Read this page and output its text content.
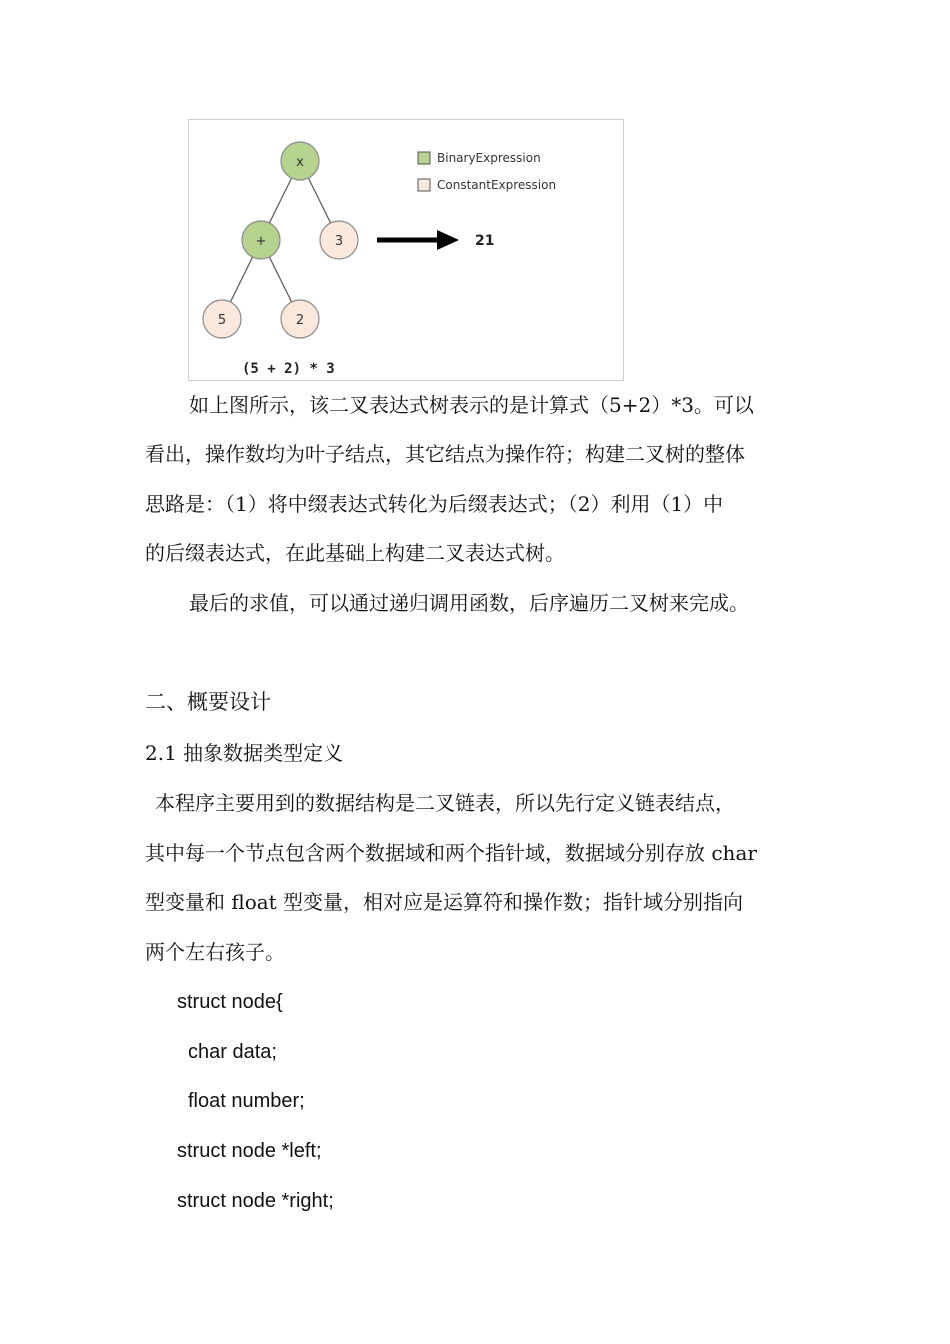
x
+	3
5	2
21
BinaryExpression
ConstantExpression
(5 + 2) * 3
如上图所示，该二叉表达式树表示的是计算式（5+2）*3。可以
看出，操作数均为叶子结点，其它结点为操作符；构建二叉树的整体
思路是：（1）将中缀表达式转化为后缀表达式；（2）利用（1）中
的后缀表达式，在此基础上构建二叉表达式树。
最后的求值，可以通过递归调用函数，后序遍历二叉树来完成。
二、概要设计
2.1 抽象数据类型定义
本程序主要用到的数据结构是二叉链表，所以先行定义链表结点，
其中每一个节点包含两个数据域和两个指针域，数据域分别存放 char
型变量和 float 型变量，相对应是运算符和操作数；指针域分别指向
两个左右孩子。
struct node{
char data;
float number;
struct node *left;
struct node *right;
